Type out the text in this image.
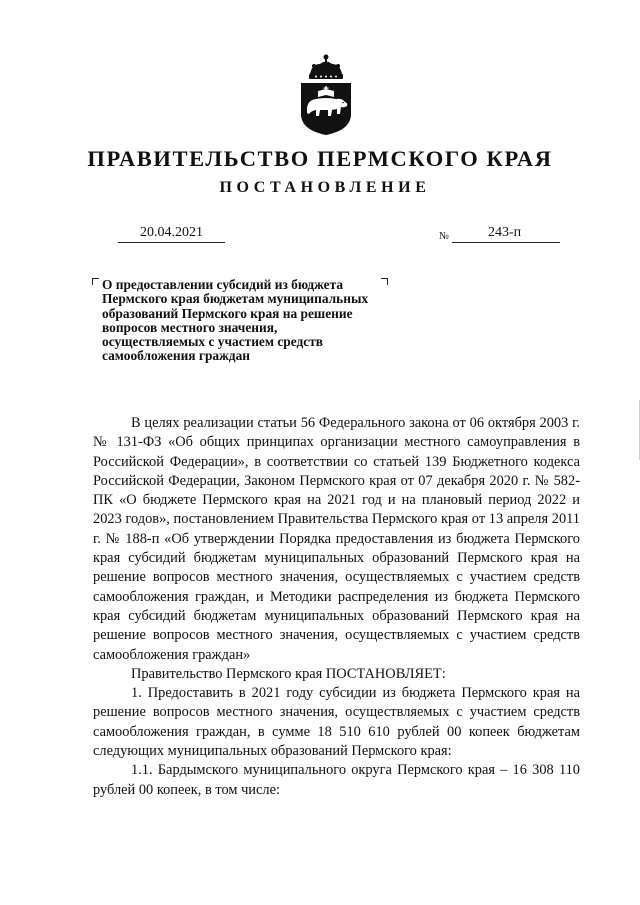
ПРАВИТЕЛЬСТВО ПЕРМСКОГО КРАЯ
ПОСТАНОВЛЕНИЕ
20.04.2021	№	243-п
О предоставлении субсидий из бюджета
Пермского края бюджетам муниципальных
образований Пермского края на решение
вопросов местного значения,
осуществляемых с участием средств
самообложения граждан

В целях реализации статьи 56 Федерального закона от 06 октября 2003 г. № 131-ФЗ «Об общих принципах организации местного самоуправления в Российской Федерации», в соответствии со статьей 139 Бюджетного кодекса Российской Федерации, Законом Пермского края от 07 декабря 2020 г. № 582-ПК «О бюджете Пермского края на 2021 год и на плановый период 2022 и 2023 годов», постановлением Правительства Пермского края от 13 апреля 2011 г. № 188-п «Об утверждении Порядка предоставления из бюджета Пермского края субсидий бюджетам муниципальных образований Пермского края на решение вопросов местного значения, осуществляемых с участием средств самообложения граждан, и Методики распределения из бюджета Пермского края субсидий бюджетам муниципальных образований Пермского края на решение вопросов местного значения, осуществляемых с участием средств самообложения граждан»

Правительство Пермского края ПОСТАНОВЛЯЕТ:

1. Предоставить в 2021 году субсидии из бюджета Пермского края на решение вопросов местного значения, осуществляемых с участием средств самообложения граждан, в сумме 18 510 610 рублей 00 копеек бюджетам следующих муниципальных образований Пермского края:

1.1. Бардымского муниципального округа Пермского края – 16 308 110 рублей 00 копеек, в том числе:
